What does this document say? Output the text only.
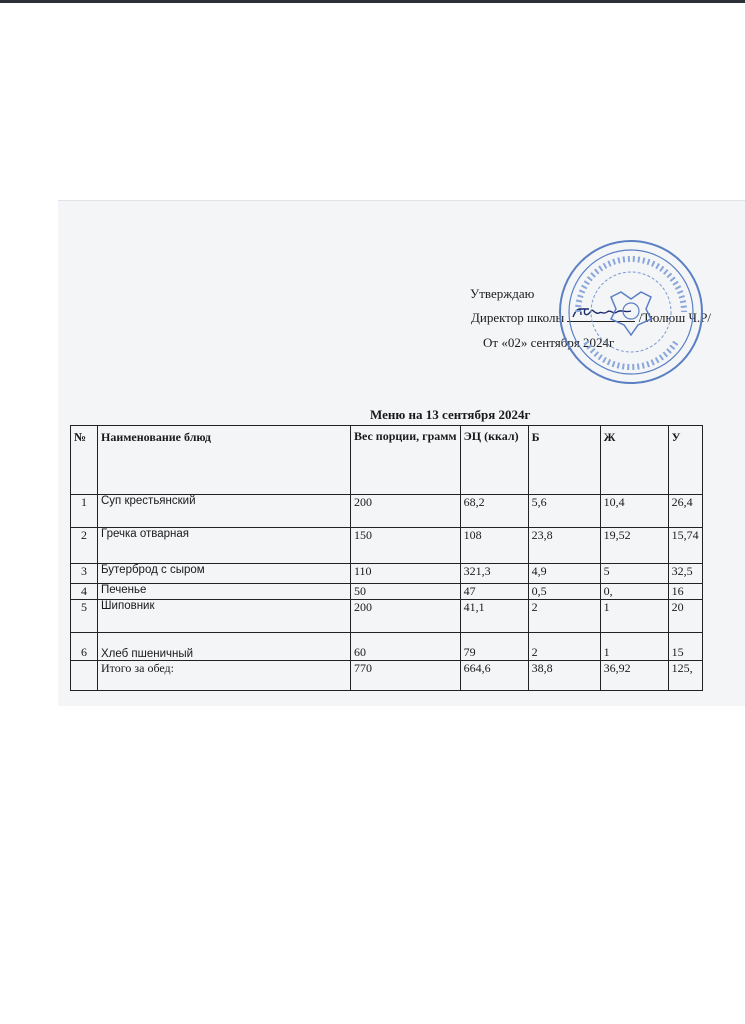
Утверждаю
Директор школы	/Тюлюш Ч.Р/
От «02» сентября 2024г
Меню на 13 сентября 2024г
№	Наименование блюд	Вес порции, грамм	ЭЦ (ккал)	Б	Ж	У
1	Суп крестьянский	200	68,2	5,6	10,4	26,4
2	Гречка отварная	150	108	23,8	19,52	15,74
3	Бутерброд с сыром	110	321,3	4,9	5	32,5
4	Печенье	50	47	0,5	0,	16
5	Шиповник	200	41,1	2	1	20
6	Хлеб пшеничный	60	79	2	1	15
	Итого за обед:	770	664,6	38,8	36,92	125,
